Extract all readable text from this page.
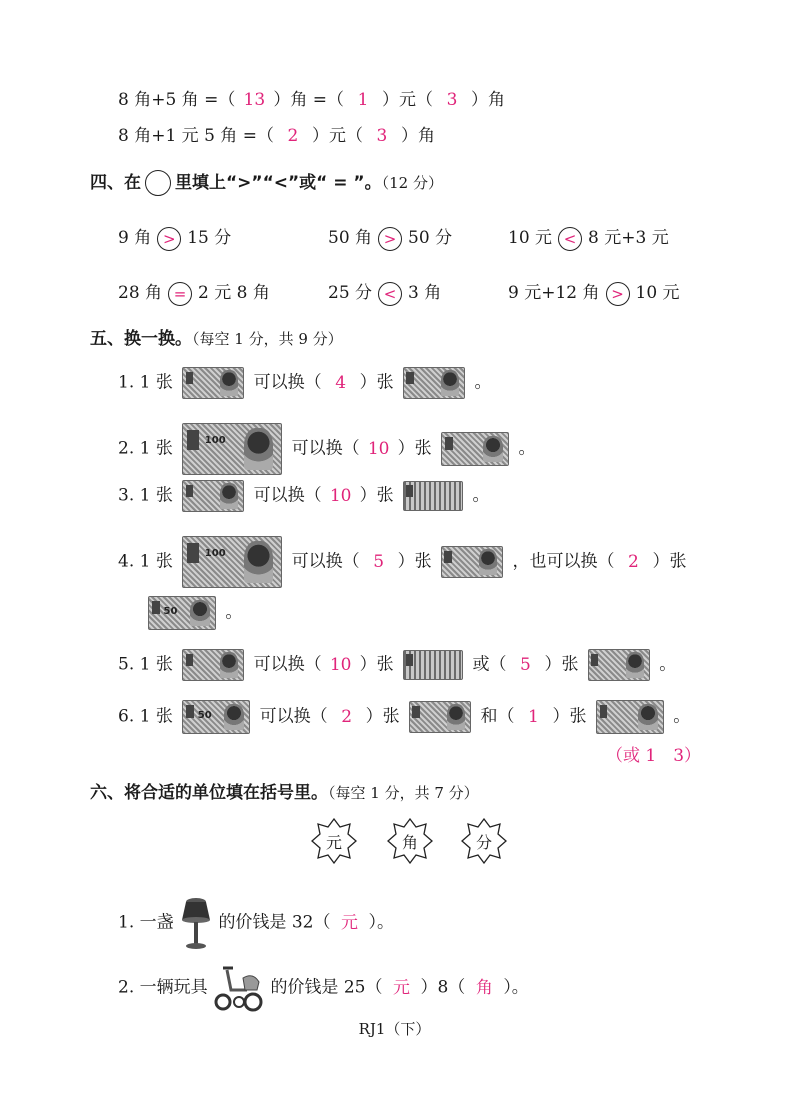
8 角+5 角 =（ 13 ）角 =（ 1 ）元（ 3 ）角
8 角+1 元 5 角 =（ 2 ）元（ 3 ）角
四、在 里填上“>”“<”或“ = ”。（12 分）
9 角 > 15 分	50 角 > 50 分	10 元 < 8 元+3 元
28 角 = 2 元 8 角	25 分 < 3 角	9 元+12 角 > 10 元
五、换一换。（每空 1 分，共 9 分）
1. 1 张	可以换（ 4 ）张	。
2. 1 张	100	可以换（ 10 ）张	。
3. 1 张	可以换（ 10 ）张	。
4. 1 张	100	可以换（ 5 ）张	，也可以换（ 2 ）张
50	。
5. 1 张	可以换（ 10 ）张	或（ 5 ）张	。
6. 1 张 50	可以换（ 2 ）张	和（ 1 ）张	。
（或 1　3）
六、将合适的单位填在括号里。（每空 1 分，共 7 分）
元	角	分
1. 一盏	的价钱是 32（ 元 ）。
2. 一辆玩具	的价钱是 25（ 元 ）8（ 角 ）。
RJ1（下）
